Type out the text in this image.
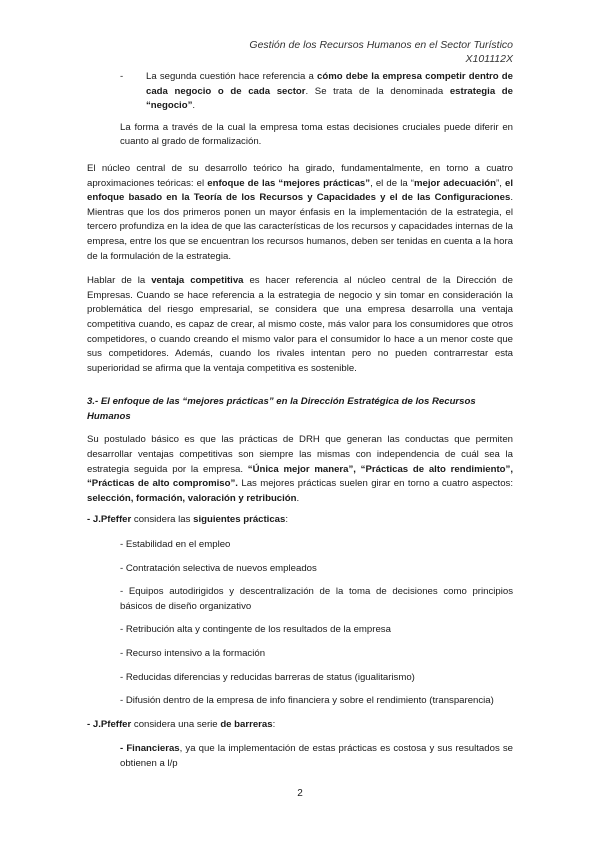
Gestión de los Recursos Humanos en el Sector Turístico
X101112X

- La segunda cuestión hace referencia a cómo debe la empresa competir dentro de cada negocio o de cada sector. Se trata de la denominada estrategia de “negocio”.

La forma a través de la cual la empresa toma estas decisiones cruciales puede diferir en cuanto al grado de formalización.

El núcleo central de su desarrollo teórico ha girado, fundamentalmente, en torno a cuatro aproximaciones teóricas: el enfoque de las “mejores prácticas”, el de la “mejor adecuación”, el enfoque basado en la Teoría de los Recursos y Capacidades y el de las Configuraciones. Mientras que los dos primeros ponen un mayor énfasis en la implementación de la estrategia, el tercero profundiza en la idea de que las características de los recursos y capacidades internas de la empresa, entre los que se encuentran los recursos humanos, deben ser tenidas en cuenta a la hora de la formulación de la estrategia.

Hablar de la ventaja competitiva es hacer referencia al núcleo central de la Dirección de Empresas. Cuando se hace referencia a la estrategia de negocio y sin tomar en consideración la problemática del riesgo empresarial, se considera que una empresa desarrolla una ventaja competitiva cuando, es capaz de crear, al mismo coste, más valor para los consumidores que otros competidores, o cuando creando el mismo valor para el consumidor lo hace a un menor coste que sus competidores. Además, cuando los rivales intentan pero no pueden contrarrestar esta superioridad se afirma que la ventaja competitiva es sostenible.

3.- El enfoque de las “mejores prácticas” en la Dirección Estratégica de los Recursos Humanos

Su postulado básico es que las prácticas de DRH que generan las conductas que permiten desarrollar ventajas competitivas son siempre las mismas con independencia de cuál sea la estrategia seguida por la empresa. “Única mejor manera”, “Prácticas de alto rendimiento”, “Prácticas de alto compromiso”. Las mejores prácticas suelen girar en torno a cuatro aspectos: selección, formación, valoración y retribución.

- J.Pfeffer considera las siguientes prácticas:

- Estabilidad en el empleo

- Contratación selectiva de nuevos empleados

- Equipos autodirigidos y descentralización de la toma de decisiones como principios básicos de diseño organizativo

- Retribución alta y contingente de los resultados de la empresa

- Recurso intensivo a la formación

- Reducidas diferencias y reducidas barreras de status (igualitarismo)

- Difusión dentro de la empresa de info financiera y sobre el rendimiento (transparencia)

- J.Pfeffer considera una serie de barreras:

- Financieras, ya que la implementación de estas prácticas es costosa y sus resultados se obtienen a l/p

2
